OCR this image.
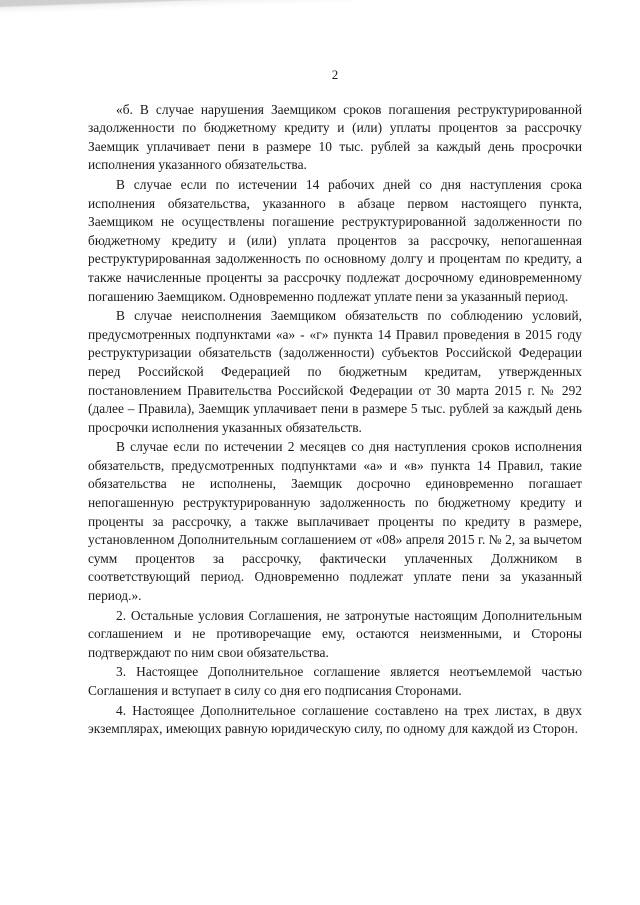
2

«б. В случае нарушения Заемщиком сроков погашения реструктурированной задолженности по бюджетному кредиту и (или) уплаты процентов за рассрочку Заемщик уплачивает пени в размере 10 тыс. рублей за каждый день просрочки исполнения указанного обязательства.

В случае если по истечении 14 рабочих дней со дня наступления срока исполнения обязательства, указанного в абзаце первом настоящего пункта, Заемщиком не осуществлены погашение реструктурированной задолженности по бюджетному кредиту и (или) уплата процентов за рассрочку, непогашенная реструктурированная задолженность по основному долгу и процентам по кредиту, а также начисленные проценты за рассрочку подлежат досрочному единовременному погашению Заемщиком. Одновременно подлежат уплате пени за указанный период.

В случае неисполнения Заемщиком обязательств по соблюдению условий, предусмотренных подпунктами «а» - «г» пункта 14 Правил проведения в 2015 году реструктуризации обязательств (задолженности) субъектов Российской Федерации перед Российской Федерацией по бюджетным кредитам, утвержденных постановлением Правительства Российской Федерации от 30 марта 2015 г. № 292 (далее – Правила), Заемщик уплачивает пени в размере 5 тыс. рублей за каждый день просрочки исполнения указанных обязательств.

В случае если по истечении 2 месяцев со дня наступления сроков исполнения обязательств, предусмотренных подпунктами «а» и «в» пункта 14 Правил, такие обязательства не исполнены, Заемщик досрочно единовременно погашает непогашенную реструктурированную задолженность по бюджетному кредиту и проценты за рассрочку, а также выплачивает проценты по кредиту в размере, установленном Дополнительным соглашением от «08» апреля 2015 г. № 2, за вычетом сумм процентов за рассрочку, фактически уплаченных Должником в соответствующий период. Одновременно подлежат уплате пени за указанный период.».

2. Остальные условия Соглашения, не затронутые настоящим Дополнительным соглашением и не противоречащие ему, остаются неизменными, и Стороны подтверждают по ним свои обязательства.

3. Настоящее Дополнительное соглашение является неотъемлемой частью Соглашения и вступает в силу со дня его подписания Сторонами.

4. Настоящее Дополнительное соглашение составлено на трех листах, в двух экземплярах, имеющих равную юридическую силу, по одному для каждой из Сторон.
